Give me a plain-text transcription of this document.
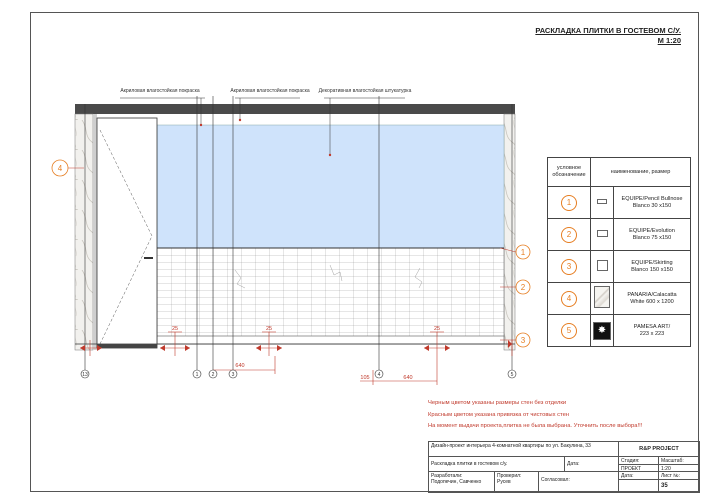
РАСКЛАДКА ПЛИТКИ В ГОСТЕВОМ С/У.
М 1:20
Акриловая влагостойкая покраска	Акриловая влагостойкая покраска Декоративная влагостойкая штукатурка
25	25	25
640
105	640
13	1	2	3	4	5
4
1
2
3
условное обозначение	наименование, размер	
1		EQUIPE/Pencil Bullnose
Blanco 30 x150
2		EQUIPE/Evolution
Blanco 75 x150
3		EQUIPE/Skirting
Blanco 150 x150
4		PANARIA/Calacatta
White 600 x 1200
5	✸	PAMESA ART/
223 x 223
Черным цветом указаны размеры стен без отделки
Красным цветом указана привязка от чистовых стен
На момент выдачи проекта,плитка не была выбрана. Уточнить после выбора!!!
Дизайн-проект интерьера 4-комнатной квартиры по ул. Бакулина, 33	R&P PROJECT
Раскладка плитки в гостевом с/у.	Дата:	Стадия:	Масштаб:
ПРОЕКТ	1:20
Разработали:
Подопечин, Савченко
Проверил:
Русев	Согласовал:
Дата:	Лист №:
35
